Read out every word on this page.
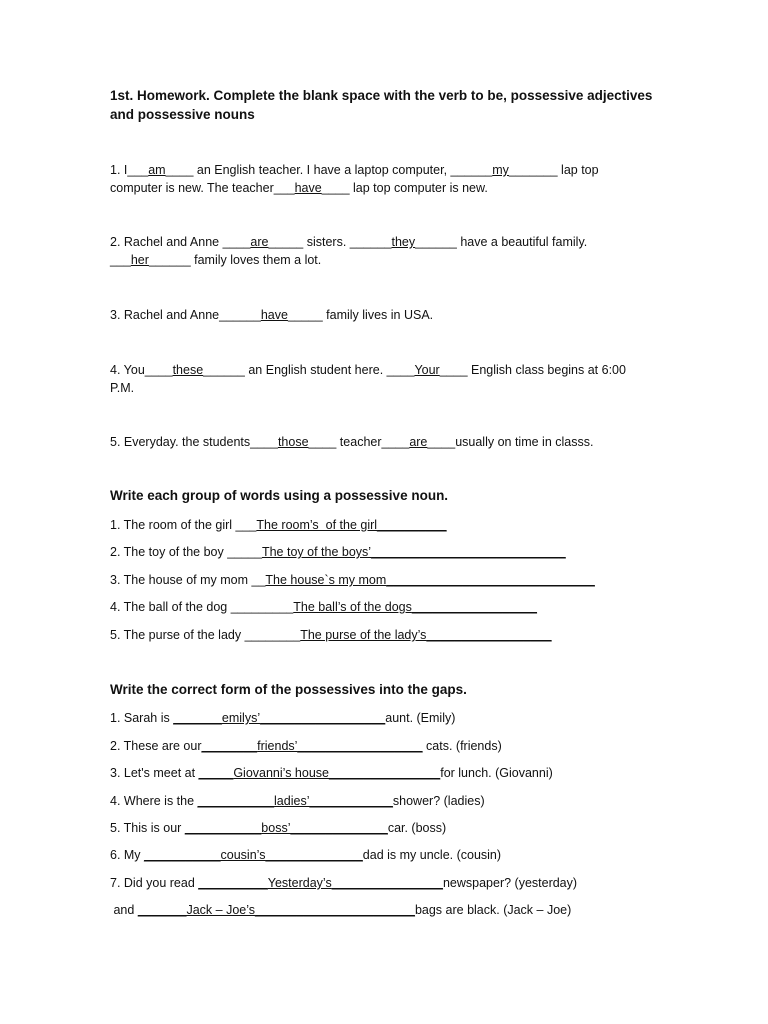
1st. Homework. Complete the blank space with the verb to be, possessive adjectives
and possessive nouns
1. I___am____ an English teacher. I have a laptop computer, ______my_______ lap top
computer is new. The teacher___have____ lap top computer is new.
2. Rachel and Anne ____are_____ sisters. ______they______ have a beautiful family.
___her______ family loves them a lot.
3. Rachel and Anne______have_____ family lives in USA.
4. You____these______ an English student here. ____Your____ English class begins at 6:00
P.M.
5. Everyday. the students____those____ teacher____are____usually on time in classs.
Write each group of words using a possessive noun.
1. The room of the girl ___The room’s  of the girl__________
2. The toy of the boy _____The toy of the boys’____________________________
3. The house of my mom __The house`s my mom______________________________
4. The ball of the dog _________The ball’s of the dogs__________________
5. The purse of the lady ________The purse of the lady’s__________________
Write the correct form of the possessives into the gaps.
1. Sarah is _______emilys’__________________aunt. (Emily)
2. These are our________friends’__________________ cats. (friends)
3. Let's meet at _____Giovanni’s house________________for lunch. (Giovanni)
4. Where is the ___________ladies’____________shower? (ladies)
5. This is our ___________boss’______________car. (boss)
6. My ___________cousin’s______________dad is my uncle. (cousin)
7. Did you read __________Yesterday’s________________newspaper? (yesterday)
and _______Jack – Joe’s_______________________bags are black. (Jack – Joe)
